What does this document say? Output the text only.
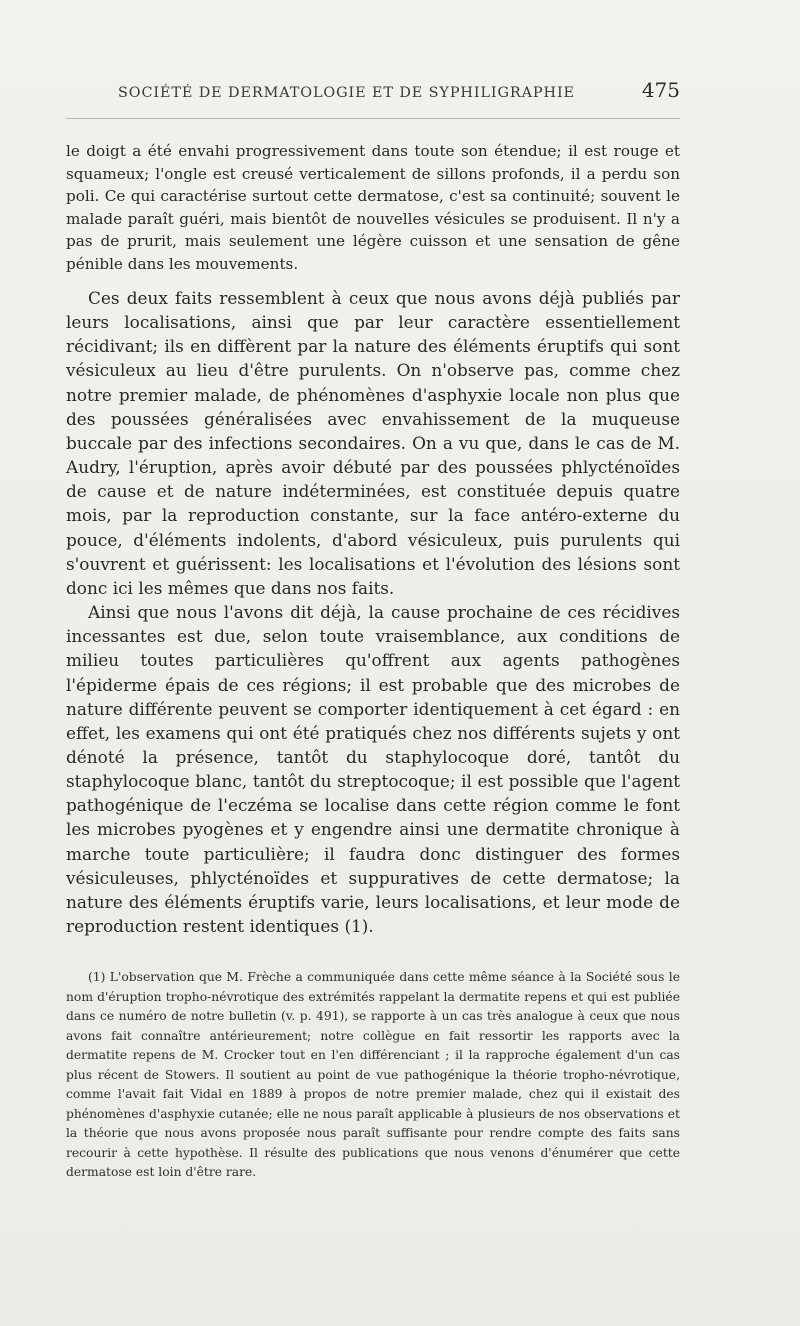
SOCIÉTÉ DE DERMATOLOGIE ET DE SYPHILIGRAPHIE	475

le doigt a été envahi progressivement dans toute son étendue; il est rouge et squameux; l'ongle est creusé verticalement de sillons profonds, il a perdu son poli. Ce qui caractérise surtout cette dermatose, c'est sa continuité; souvent le malade paraît guéri, mais bientôt de nouvelles vésicules se produisent. Il n'y a pas de prurit, mais seulement une légère cuisson et une sensation de gêne pénible dans les mouvements.

Ces deux faits ressemblent à ceux que nous avons déjà publiés par leurs localisations, ainsi que par leur caractère essentiellement récidivant; ils en diffèrent par la nature des éléments éruptifs qui sont vésiculeux au lieu d'être purulents. On n'observe pas, comme chez notre premier malade, de phénomènes d'asphyxie locale non plus que des poussées généralisées avec envahissement de la muqueuse buccale par des infections secondaires. On a vu que, dans le cas de M. Audry, l'éruption, après avoir débuté par des poussées phlycténoïdes de cause et de nature indéterminées, est constituée depuis quatre mois, par la reproduction constante, sur la face antéro-externe du pouce, d'éléments indolents, d'abord vésiculeux, puis purulents qui s'ouvrent et guérissent: les localisations et l'évolution des lésions sont donc ici les mêmes que dans nos faits.

Ainsi que nous l'avons dit déjà, la cause prochaine de ces récidives incessantes est due, selon toute vraisemblance, aux conditions de milieu toutes particulières qu'offrent aux agents pathogènes l'épiderme épais de ces régions; il est probable que des microbes de nature différente peuvent se comporter identiquement à cet égard : en effet, les examens qui ont été pratiqués chez nos différents sujets y ont dénoté la présence, tantôt du staphylocoque doré, tantôt du staphylocoque blanc, tantôt du streptocoque; il est possible que l'agent pathogénique de l'eczéma se localise dans cette région comme le font les microbes pyogènes et y engendre ainsi une dermatite chronique à marche toute particulière; il faudra donc distinguer des formes vésiculeuses, phlycténoïdes et suppuratives de cette dermatose; la nature des éléments éruptifs varie, leurs localisations, et leur mode de reproduction restent identiques (1).

(1) L'observation que M. Frèche a communiquée dans cette même séance à la Société sous le nom d'éruption tropho-névrotique des extrémités rappelant la dermatite repens et qui est publiée dans ce numéro de notre bulletin (v. p. 491), se rapporte à un cas très analogue à ceux que nous avons fait connaître antérieurement; notre collègue en fait ressortir les rapports avec la dermatite repens de M. Crocker tout en l'en différenciant ; il la rapproche également d'un cas plus récent de Stowers. Il soutient au point de vue pathogénique la théorie tropho-névrotique, comme l'avait fait Vidal en 1889 à propos de notre premier malade, chez qui il existait des phénomènes d'asphyxie cutanée; elle ne nous paraît applicable à plusieurs de nos observations et la théorie que nous avons proposée nous paraît suffisante pour rendre compte des faits sans recourir à cette hypothèse. Il résulte des publications que nous venons d'énumérer que cette dermatose est loin d'être rare.
